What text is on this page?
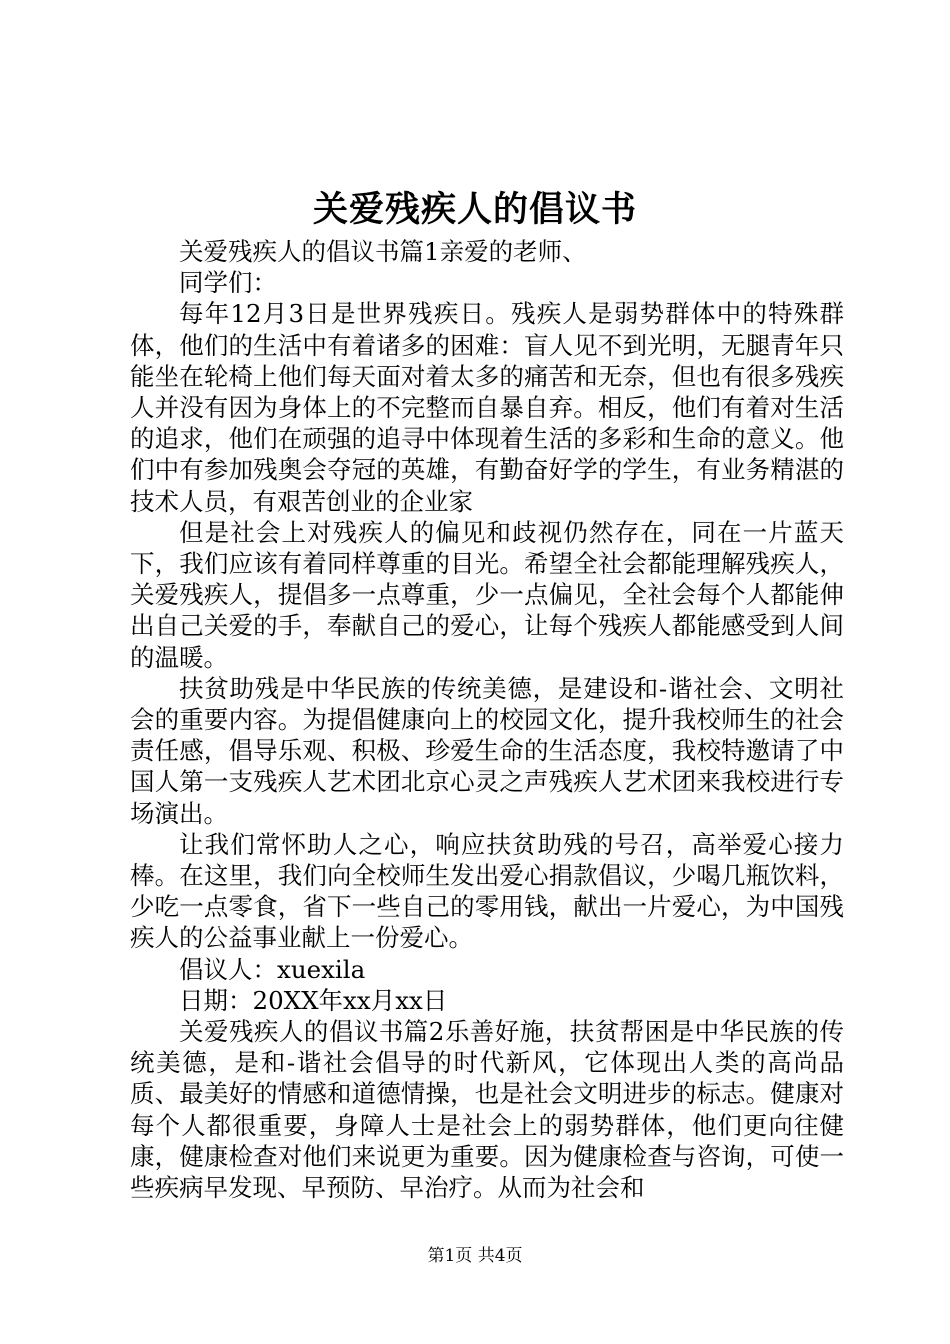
关爱残疾人的倡议书

关爱残疾人的倡议书篇1亲爱的老师、

同学们：

每年12月3日是世界残疾日。残疾人是弱势群体中的特殊群体，他们的生活中有着诸多的困难：盲人见不到光明，无腿青年只能坐在轮椅上他们每天面对着太多的痛苦和无奈，但也有很多残疾人并没有因为身体上的不完整而自暴自弃。相反，他们有着对生活的追求，他们在顽强的追寻中体现着生活的多彩和生命的意义。他们中有参加残奥会夺冠的英雄，有勤奋好学的学生，有业务精湛的技术人员，有艰苦创业的企业家

但是社会上对残疾人的偏见和歧视仍然存在，同在一片蓝天下，我们应该有着同样尊重的目光。希望全社会都能理解残疾人，关爱残疾人，提倡多一点尊重，少一点偏见，全社会每个人都能伸出自己关爱的手，奉献自己的爱心，让每个残疾人都能感受到人间的温暖。

扶贫助残是中华民族的传统美德，是建设和-谐社会、文明社会的重要内容。为提倡健康向上的校园文化，提升我校师生的社会责任感，倡导乐观、积极、珍爱生命的生活态度，我校特邀请了中国人第一支残疾人艺术团北京心灵之声残疾人艺术团来我校进行专场演出。

让我们常怀助人之心，响应扶贫助残的号召，高举爱心接力棒。在这里，我们向全校师生发出爱心捐款倡议，少喝几瓶饮料，少吃一点零食，省下一些自己的零用钱，献出一片爱心，为中国残疾人的公益事业献上一份爱心。

倡议人：xuexila

日期：20XX年xx月xx日

关爱残疾人的倡议书篇2乐善好施，扶贫帮困是中华民族的传统美德，是和-谐社会倡导的时代新风，它体现出人类的高尚品质、最美好的情感和道德情操，也是社会文明进步的标志。健康对每个人都很重要，身障人士是社会上的弱势群体，他们更向往健康，健康检查对他们来说更为重要。因为健康检查与咨询，可使一些疾病早发现、早预防、早治疗。从而为社会和

第1页 共4页
